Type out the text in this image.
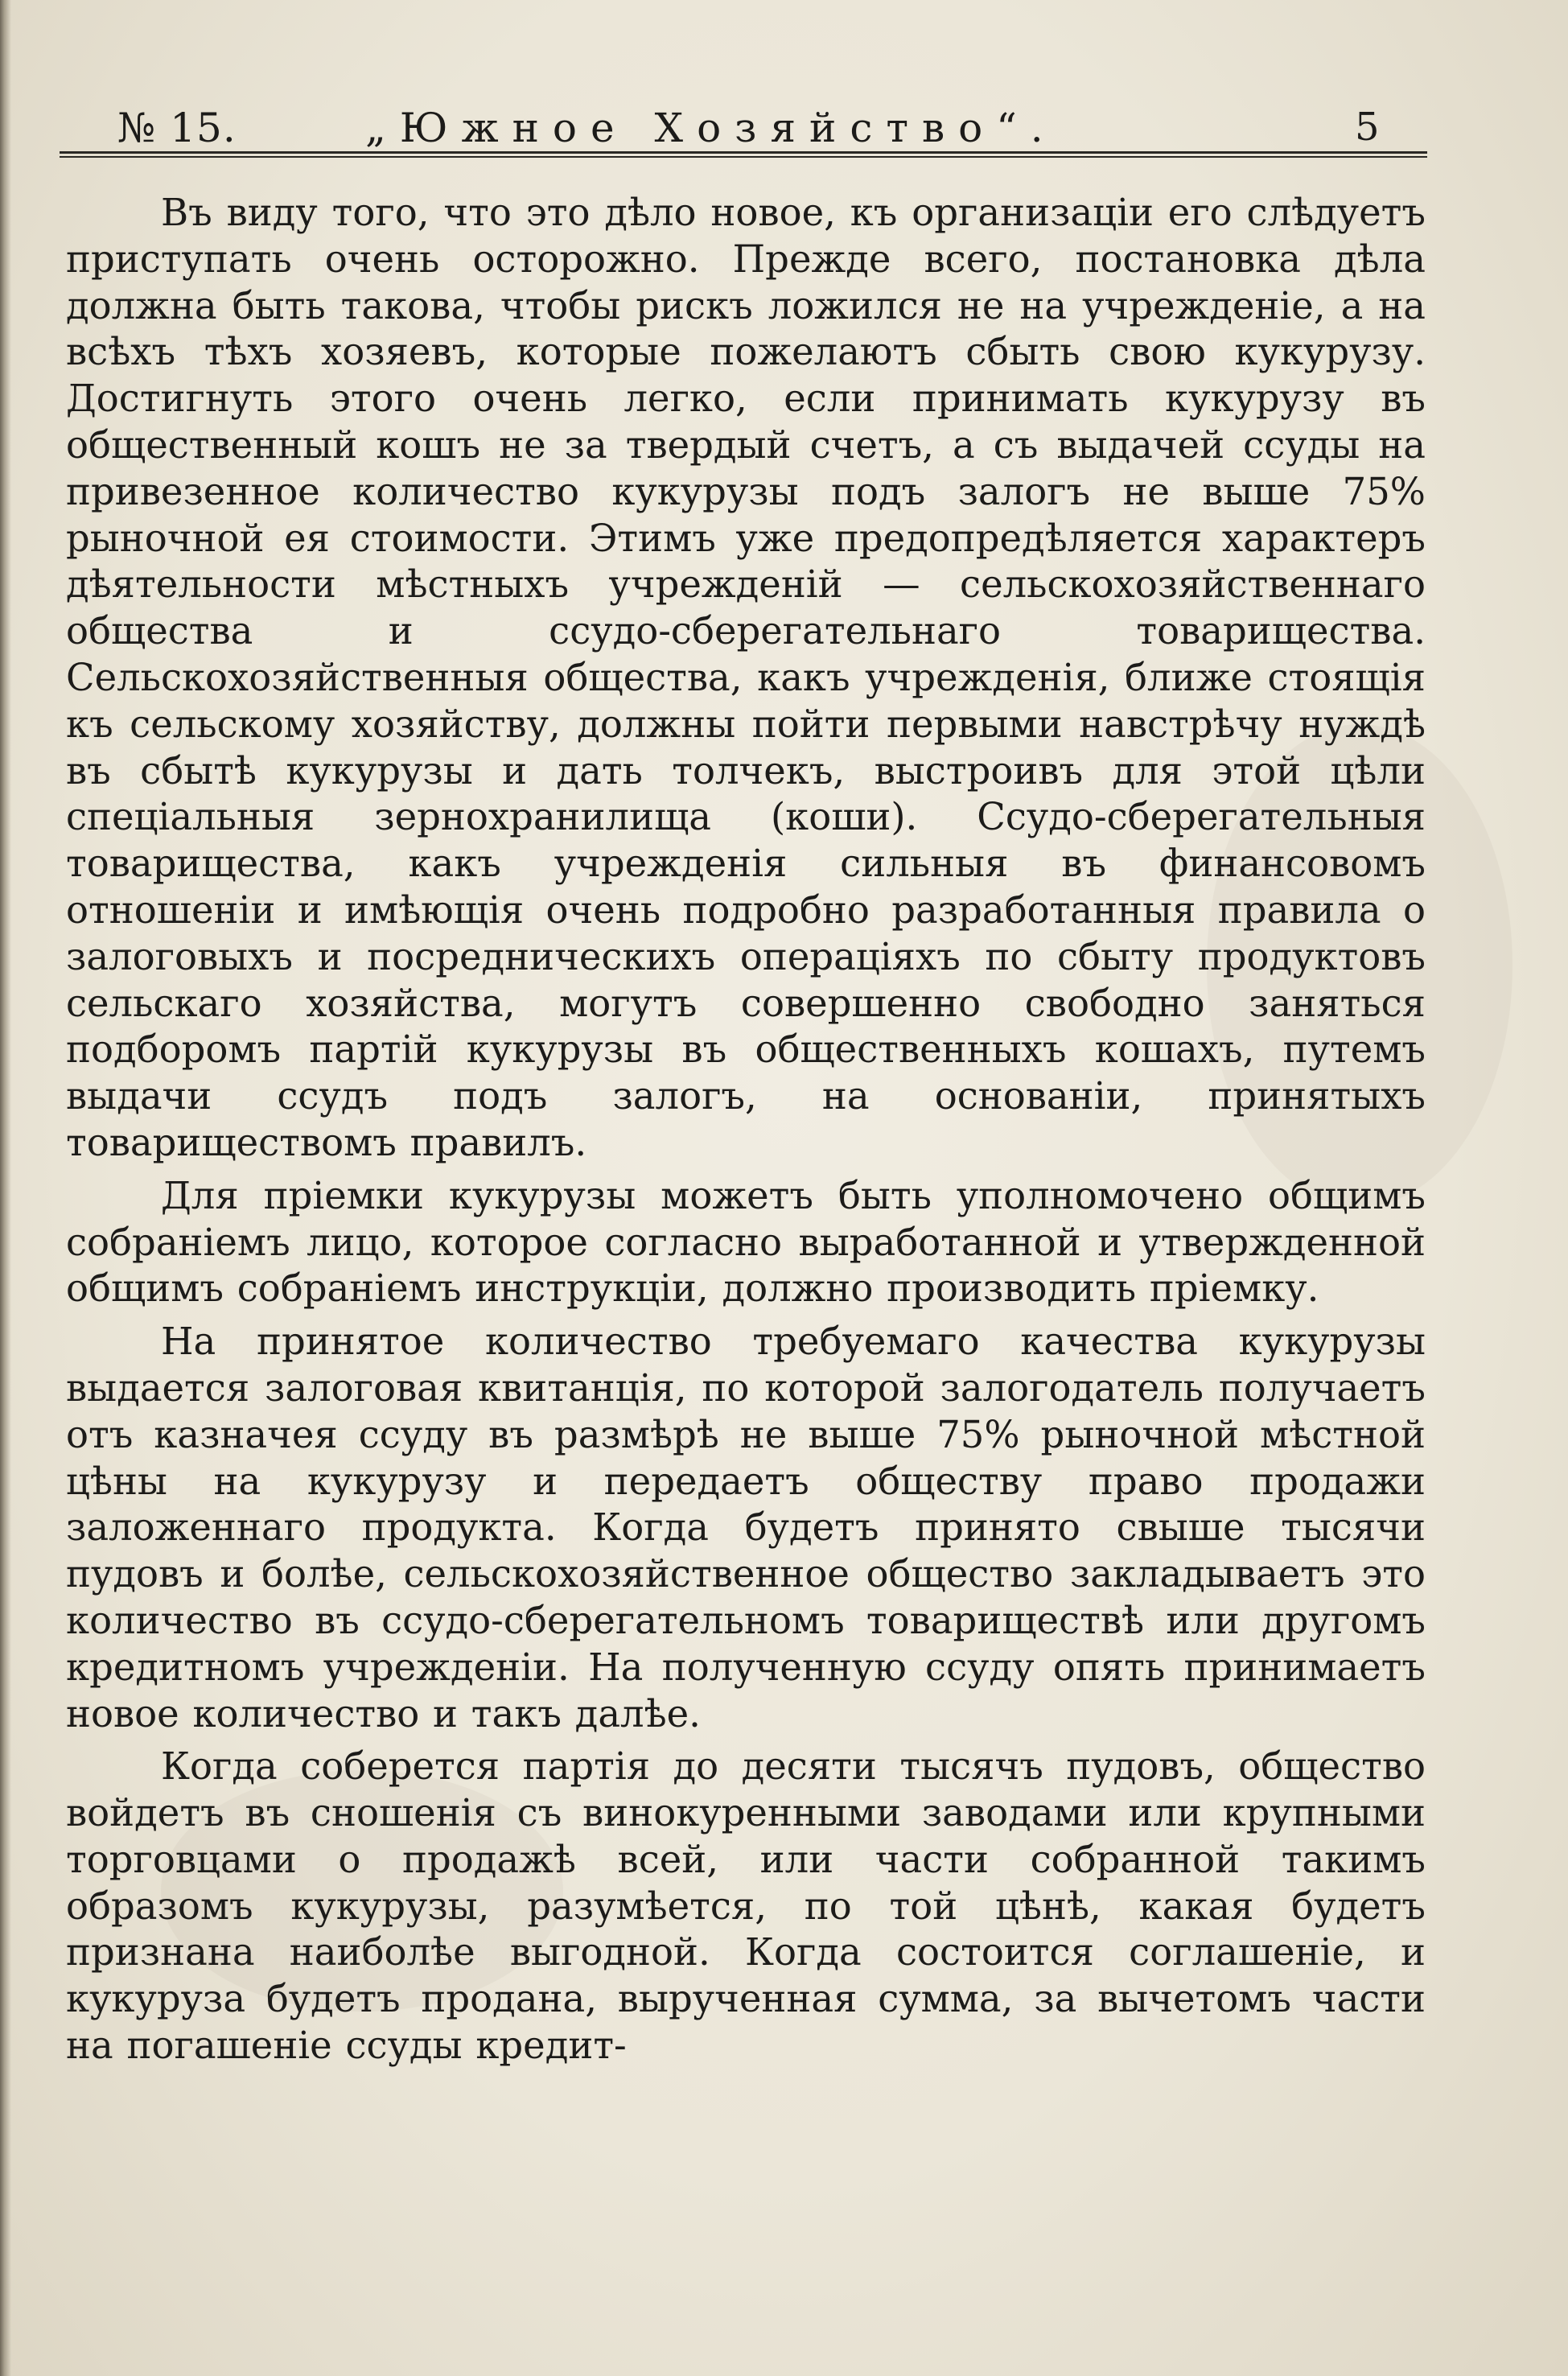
№ 15.	„Южное Хозяйство“.	5

Въ виду того, что это дѣло новое, къ организаціи его слѣдуетъ приступать очень осторожно. Прежде всего, постановка дѣла должна быть такова, чтобы рискъ ложился не на учрежденіе, а на всѣхъ тѣхъ хозяевъ, которые пожелаютъ сбыть свою кукурузу. Достигнуть этого очень легко, если принимать кукурузу въ общественный кошъ не за твердый счетъ, а съ выдачей ссуды на привезенное количество кукурузы подъ залогъ не выше 75% рыночной ея стоимости. Этимъ уже предопредѣляется характеръ дѣятельности мѣстныхъ учрежденій — сельскохозяйственнаго общества и ссудо-сберегательнаго товарищества. Сельскохозяйственныя общества, какъ учрежденія, ближе стоящія къ сельскому хозяйству, должны пойти первыми навстрѣчу нуждѣ въ сбытѣ кукурузы и дать толчекъ, выстроивъ для этой цѣли спеціальныя зернохранилища (коши). Ссудо-сберегательныя товарищества, какъ учрежденія сильныя въ финансовомъ отношеніи и имѣющія очень подробно разработанныя правила о залоговыхъ и посредническихъ операціяхъ по сбыту продуктовъ сельскаго хозяйства, могутъ совершенно свободно заняться подборомъ партій кукурузы въ общественныхъ кошахъ, путемъ выдачи ссудъ подъ залогъ, на основаніи, принятыхъ товариществомъ правилъ.

Для пріемки кукурузы можетъ быть уполномочено общимъ собраніемъ лицо, которое согласно выработанной и утвержденной общимъ собраніемъ инструкціи, должно производить пріемку.

На принятое количество требуемаго качества кукурузы выдается залоговая квитанція, по которой залогодатель получаетъ отъ казначея ссуду въ размѣрѣ не выше 75% рыночной мѣстной цѣны на кукурузу и передаетъ обществу право продажи заложеннаго продукта. Когда будетъ принято свыше тысячи пудовъ и болѣе, сельскохозяйственное общество закладываетъ это количество въ ссудо-сберегательномъ товариществѣ или другомъ кредитномъ учрежденіи. На полученную ссуду опять принимаетъ новое количество и такъ далѣе.

Когда соберется партія до десяти тысячъ пудовъ, общество войдетъ въ сношенія съ винокуренными заводами или крупными торговцами о продажѣ всей, или части собранной такимъ образомъ кукурузы, разумѣется, по той цѣнѣ, какая будетъ признана наиболѣе выгодной. Когда состоится соглашеніе, и кукуруза будетъ продана, вырученная сумма, за вычетомъ части на погашеніе ссуды кредит-
